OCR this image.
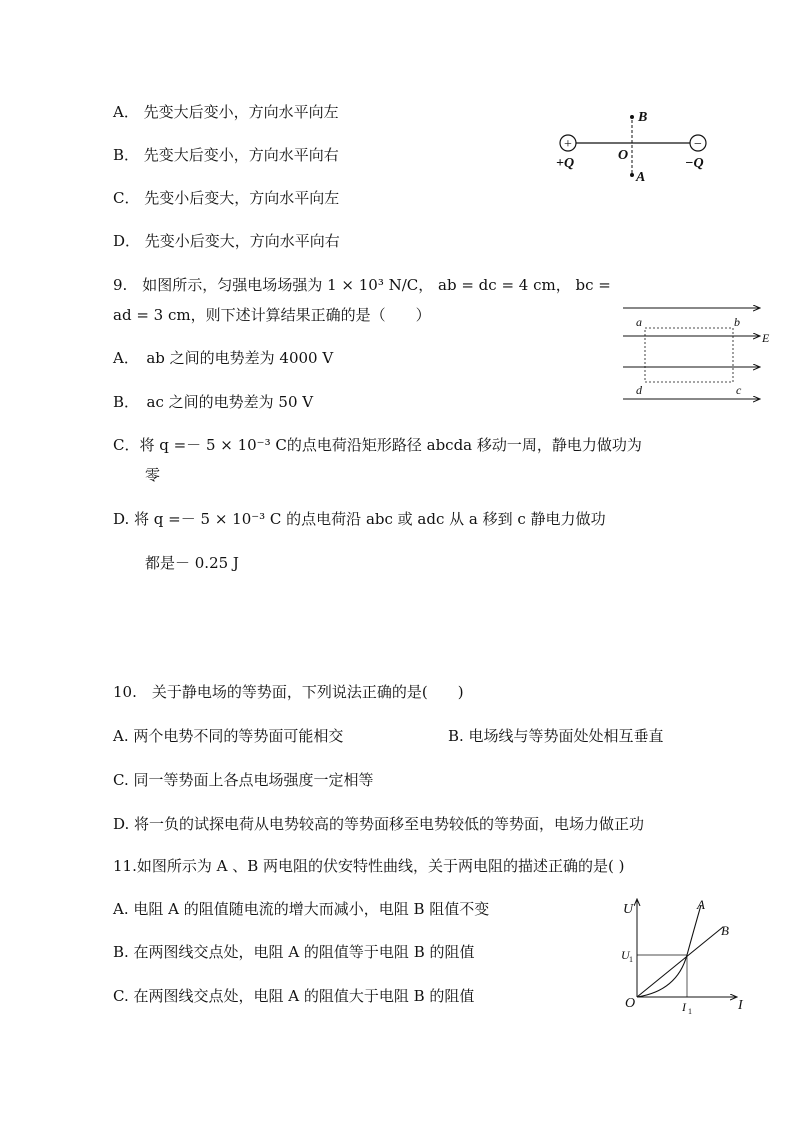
A． 先变大后变小，方向水平向左
B． 先变大后变小，方向水平向右
C． 先变小后变大，方向水平向左
D． 先变小后变大，方向水平向右
+	−
B
O
A
+Q	−Q
9.　如图所示，匀强电场场强为 1 × 10³ N/C， ab = dc = 4 cm， bc =
ad = 3 cm，则下述计算结果正确的是（　　）
A．　ab 之间的电势差为 4000 V
B．　ac 之间的电势差为 50 V
C．将 q =－ 5 × 10⁻³ C的点电荷沿矩形路径 abcda 移动一周，静电力做功为
零
D. 将 q =－ 5 × 10⁻³ C 的点电荷沿 abc 或 adc 从 a 移到 c 静电力做功
都是－ 0.25 J
a	b
c
d
E
10.　关于静电场的等势面，下列说法正确的是(　　)
A. 两个电势不同的等势面可能相交	B. 电场线与等势面处处相互垂直
C. 同一等势面上各点电场强度一定相等
D. 将一负的试探电荷从电势较高的等势面移至电势较低的等势面，电场力做正功
11.如图所示为 A 、B 两电阻的伏安特性曲线，关于两电阻的描述正确的是( )
A. 电阻 A 的阻值随电流的增大而减小，电阻 B 阻值不变
B. 在两图线交点处，电阻 A 的阻值等于电阻 B 的阻值
C. 在两图线交点处，电阻 A 的阻值大于电阻 B 的阻值
U
I
O
U 1
I 1
A
B
